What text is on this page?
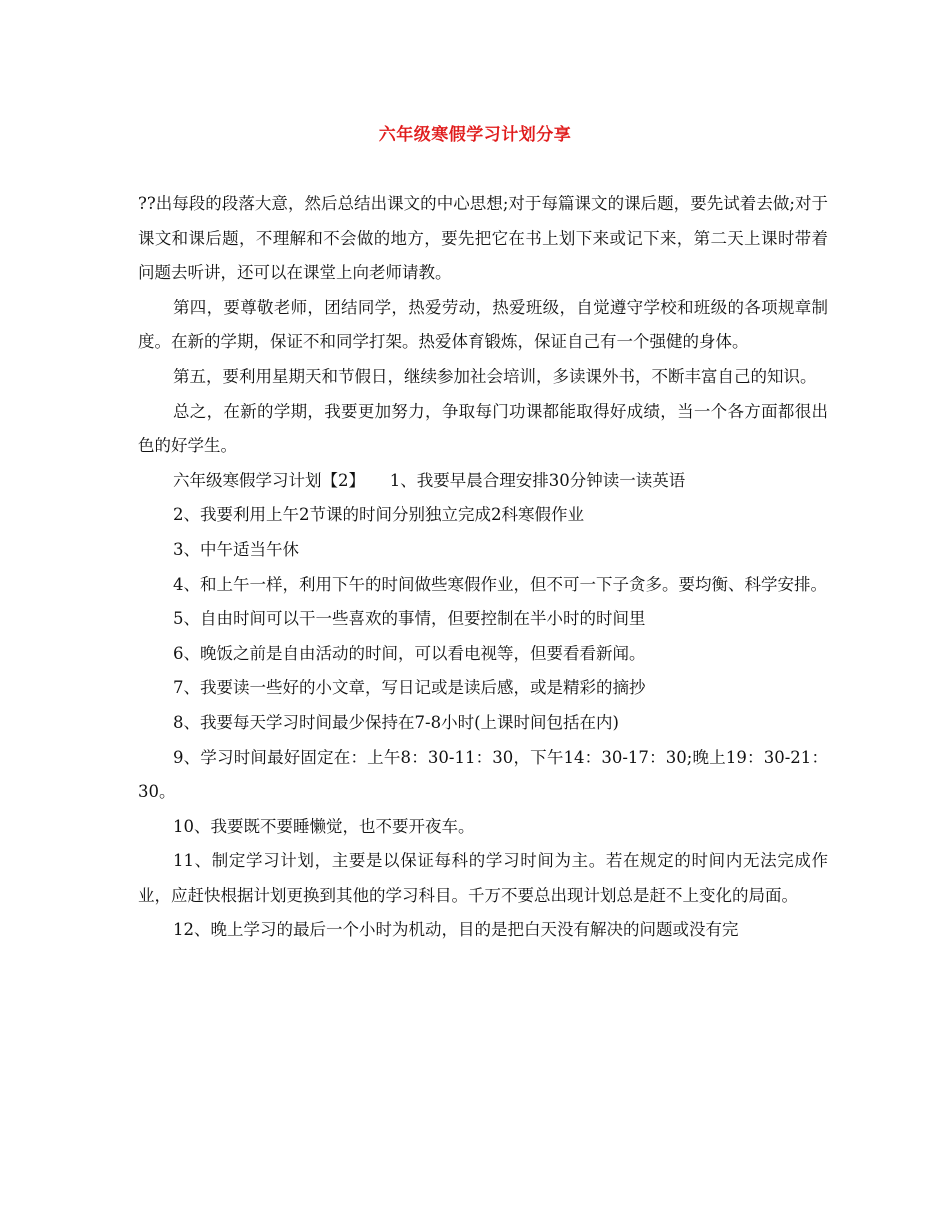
六年级寒假学习计划分享

??出每段的段落大意，然后总结出课文的中心思想;对于每篇课文的课后题，要先试着去做;对于课文和课后题，不理解和不会做的地方，要先把它在书上划下来或记下来，第二天上课时带着问题去听讲，还可以在课堂上向老师请教。

第四，要尊敬老师，团结同学，热爱劳动，热爱班级，自觉遵守学校和班级的各项规章制度。在新的学期，保证不和同学打架。热爱体育锻炼，保证自己有一个强健的身体。

第五，要利用星期天和节假日，继续参加社会培训，多读课外书，不断丰富自己的知识。

总之，在新的学期，我要更加努力，争取每门功课都能取得好成绩，当一个各方面都很出色的好学生。

六年级寒假学习计划【2】　　1、我要早晨合理安排30分钟读一读英语

2、我要利用上午2节课的时间分别独立完成2科寒假作业

3、中午适当午休

4、和上午一样，利用下午的时间做些寒假作业，但不可一下子贪多。要均衡、科学安排。

5、自由时间可以干一些喜欢的事情，但要控制在半小时的时间里

6、晚饭之前是自由活动的时间，可以看电视等，但要看看新闻。

7、我要读一些好的小文章，写日记或是读后感，或是精彩的摘抄

8、我要每天学习时间最少保持在7-8小时(上课时间包括在内)

9、学习时间最好固定在：上午8：30-11：30，下午14：30-17：30;晚上19：30-21：30。

10、我要既不要睡懒觉，也不要开夜车。

11、制定学习计划，主要是以保证每科的学习时间为主。若在规定的时间内无法完成作业，应赶快根据计划更换到其他的学习科目。千万不要总出现计划总是赶不上变化的局面。

12、晚上学习的最后一个小时为机动，目的是把白天没有解决的问题或没有完
